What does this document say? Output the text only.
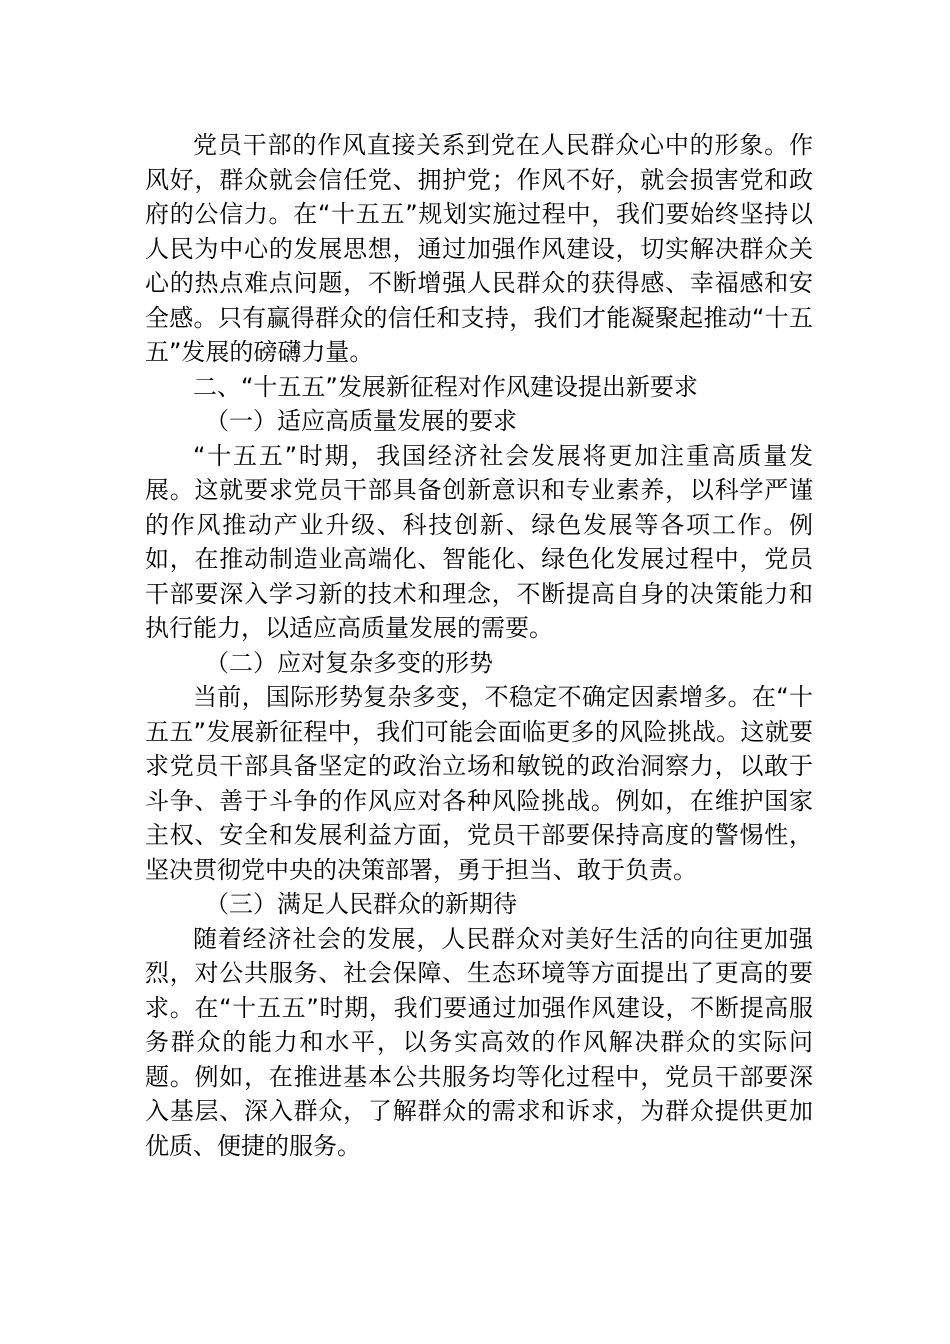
党员干部的作风直接关系到党在人民群众心中的形象。作风好，群众就会信任党、拥护党；作风不好，就会损害党和政府的公信力。在“十五五”规划实施过程中，我们要始终坚持以人民为中心的发展思想，通过加强作风建设，切实解决群众关心的热点难点问题，不断增强人民群众的获得感、幸福感和安全感。只有赢得群众的信任和支持，我们才能凝聚起推动“十五五”发展的磅礴力量。

二、“十五五”发展新征程对作风建设提出新要求

（一）适应高质量发展的要求

“十五五”时期，我国经济社会发展将更加注重高质量发展。这就要求党员干部具备创新意识和专业素养，以科学严谨的作风推动产业升级、科技创新、绿色发展等各项工作。例如，在推动制造业高端化、智能化、绿色化发展过程中，党员干部要深入学习新的技术和理念，不断提高自身的决策能力和执行能力，以适应高质量发展的需要。

（二）应对复杂多变的形势

当前，国际形势复杂多变，不稳定不确定因素增多。在“十五五”发展新征程中，我们可能会面临更多的风险挑战。这就要求党员干部具备坚定的政治立场和敏锐的政治洞察力，以敢于斗争、善于斗争的作风应对各种风险挑战。例如，在维护国家主权、安全和发展利益方面，党员干部要保持高度的警惕性，坚决贯彻党中央的决策部署，勇于担当、敢于负责。

（三）满足人民群众的新期待

随着经济社会的发展，人民群众对美好生活的向往更加强烈，对公共服务、社会保障、生态环境等方面提出了更高的要求。在“十五五”时期，我们要通过加强作风建设，不断提高服务群众的能力和水平，以务实高效的作风解决群众的实际问题。例如，在推进基本公共服务均等化过程中，党员干部要深入基层、深入群众，了解群众的需求和诉求，为群众提供更加优质、便捷的服务。
